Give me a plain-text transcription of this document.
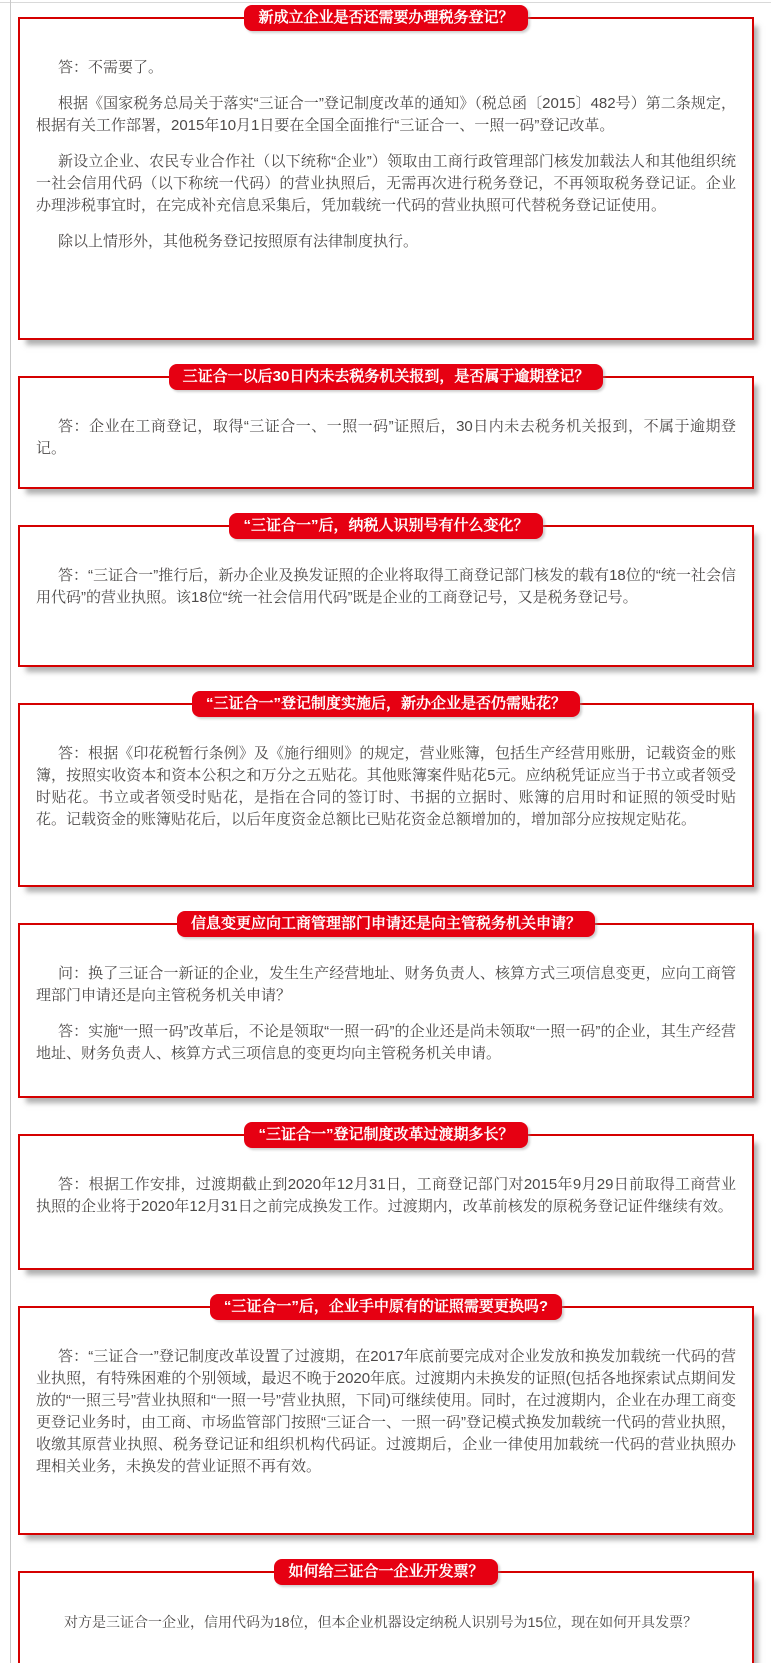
新成立企业是否还需要办理税务登记？

答：不需要了。

根据《国家税务总局关于落实“三证合一”登记制度改革的通知》（税总函〔2015〕482号）第二条规定，根据有关工作部署，2015年10月1日要在全国全面推行“三证合一、一照一码”登记改革。

新设立企业、农民专业合作社（以下统称“企业”）领取由工商行政管理部门核发加载法人和其他组织统一社会信用代码（以下称统一代码）的营业执照后，无需再次进行税务登记，不再领取税务登记证。企业办理涉税事宜时，在完成补充信息采集后，凭加载统一代码的营业执照可代替税务登记证使用。

除以上情形外，其他税务登记按照原有法律制度执行。

三证合一以后30日内未去税务机关报到，是否属于逾期登记？

答：企业在工商登记，取得“三证合一、一照一码”证照后，30日内未去税务机关报到，不属于逾期登记。

“三证合一”后，纳税人识别号有什么变化？

答：“三证合一”推行后，新办企业及换发证照的企业将取得工商登记部门核发的载有18位的“统一社会信用代码”的营业执照。该18位“统一社会信用代码”既是企业的工商登记号，又是税务登记号。

“三证合一”登记制度实施后，新办企业是否仍需贴花？

答：根据《印花税暂行条例》及《施行细则》的规定，营业账簿，包括生产经营用账册，记载资金的账簿，按照实收资本和资本公积之和万分之五贴花。其他账簿案件贴花5元。应纳税凭证应当于书立或者领受时贴花。书立或者领受时贴花，是指在合同的签订时、书据的立据时、账簿的启用时和证照的领受时贴花。记载资金的账簿贴花后，以后年度资金总额比已贴花资金总额增加的，增加部分应按规定贴花。

信息变更应向工商管理部门申请还是向主管税务机关申请？

问：换了三证合一新证的企业，发生生产经营地址、财务负责人、核算方式三项信息变更，应向工商管理部门申请还是向主管税务机关申请？

答：实施“一照一码”改革后，不论是领取“一照一码”的企业还是尚未领取“一照一码”的企业，其生产经营地址、财务负责人、核算方式三项信息的变更均向主管税务机关申请。

“三证合一”登记制度改革过渡期多长？

答：根据工作安排，过渡期截止到2020年12月31日，工商登记部门对2015年9月29日前取得工商营业执照的企业将于2020年12月31日之前完成换发工作。过渡期内，改革前核发的原税务登记证件继续有效。

“三证合一”后，企业手中原有的证照需要更换吗?

答：“三证合一”登记制度改革设置了过渡期，在2017年底前要完成对企业发放和换发加载统一代码的营业执照，有特殊困难的个别领域，最迟不晚于2020年底。过渡期内未换发的证照(包括各地探索试点期间发放的“一照三号”营业执照和“一照一号”营业执照，下同)可继续使用。同时，在过渡期内，企业在办理工商变更登记业务时，由工商、市场监管部门按照“三证合一、一照一码”登记模式换发加载统一代码的营业执照，收缴其原营业执照、税务登记证和组织机构代码证。过渡期后，企业一律使用加载统一代码的营业执照办理相关业务，未换发的营业证照不再有效。

如何给三证合一企业开发票？

对方是三证合一企业，信用代码为18位，但本企业机器设定纳税人识别号为15位，现在如何开具发票？
